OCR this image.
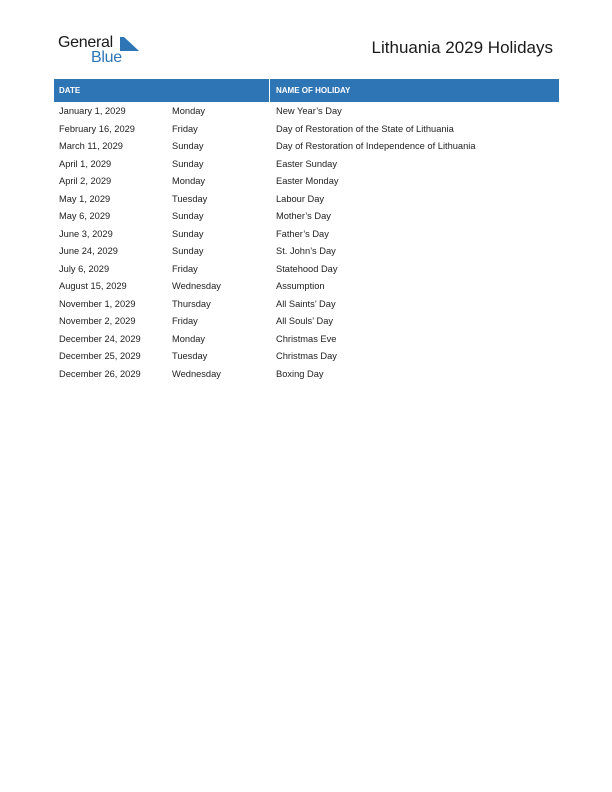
General
Blue
Lithuania 2029 Holidays
DATE	NAME OF HOLIDAY
January 1, 2029	Monday	New Year’s Day
February 16, 2029	Friday	Day of Restoration of the State of Lithuania
March 11, 2029	Sunday	Day of Restoration of Independence of Lithuania
April 1, 2029	Sunday	Easter Sunday
April 2, 2029	Monday	Easter Monday
May 1, 2029	Tuesday	Labour Day
May 6, 2029	Sunday	Mother’s Day
June 3, 2029	Sunday	Father’s Day
June 24, 2029	Sunday	St. John’s Day
July 6, 2029	Friday	Statehood Day
August 15, 2029	Wednesday	Assumption
November 1, 2029	Thursday	All Saints’ Day
November 2, 2029	Friday	All Souls’ Day
December 24, 2029	Monday	Christmas Eve
December 25, 2029	Tuesday	Christmas Day
December 26, 2029	Wednesday	Boxing Day
